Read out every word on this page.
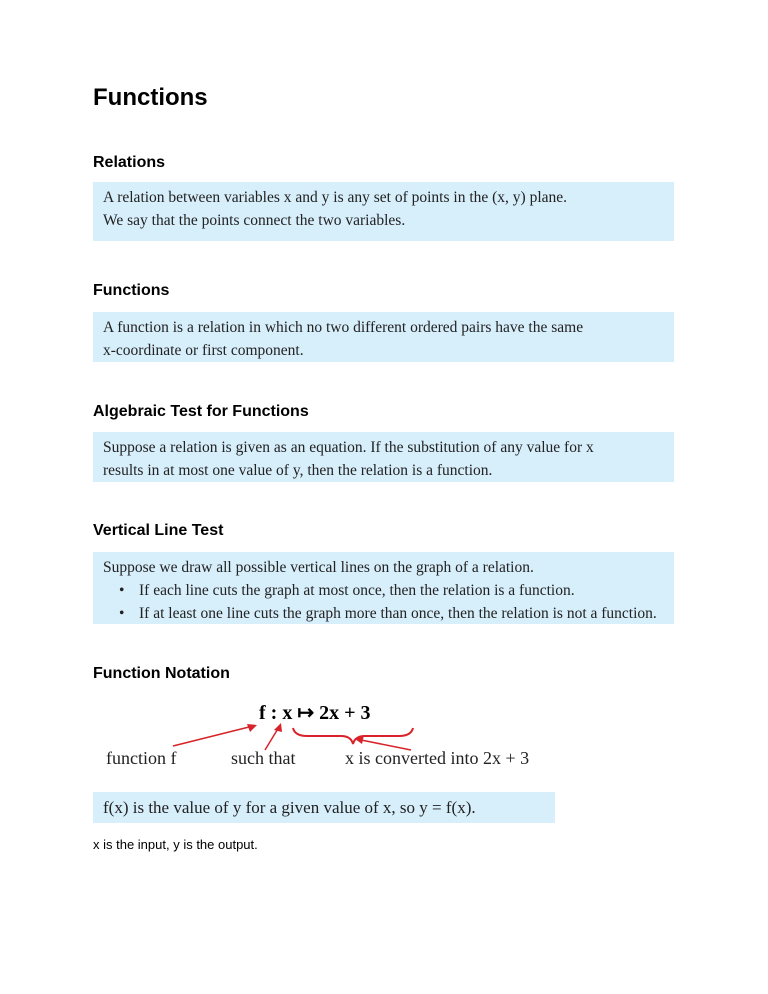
Functions
Relations

A relation between variables x and y is any set of points in the (x, y) plane.

We say that the points connect the two variables.

Functions

A function is a relation in which no two different ordered pairs have the same

x-coordinate or first component.

Algebraic Test for Functions

Suppose a relation is given as an equation. If the substitution of any value for x

results in at most one value of y, then the relation is a function.

Vertical Line Test

Suppose we draw all possible vertical lines on the graph of a relation.

• If each line cuts the graph at most once, then the relation is a function.
• If at least one line cuts the graph more than once, then the relation is not a function.
Function Notation
f : x ↦ 2x + 3
function f	such that	x is converted into 2x + 3

f(x) is the value of y for a given value of x, so y = f(x).

x is the input, y is the output.
